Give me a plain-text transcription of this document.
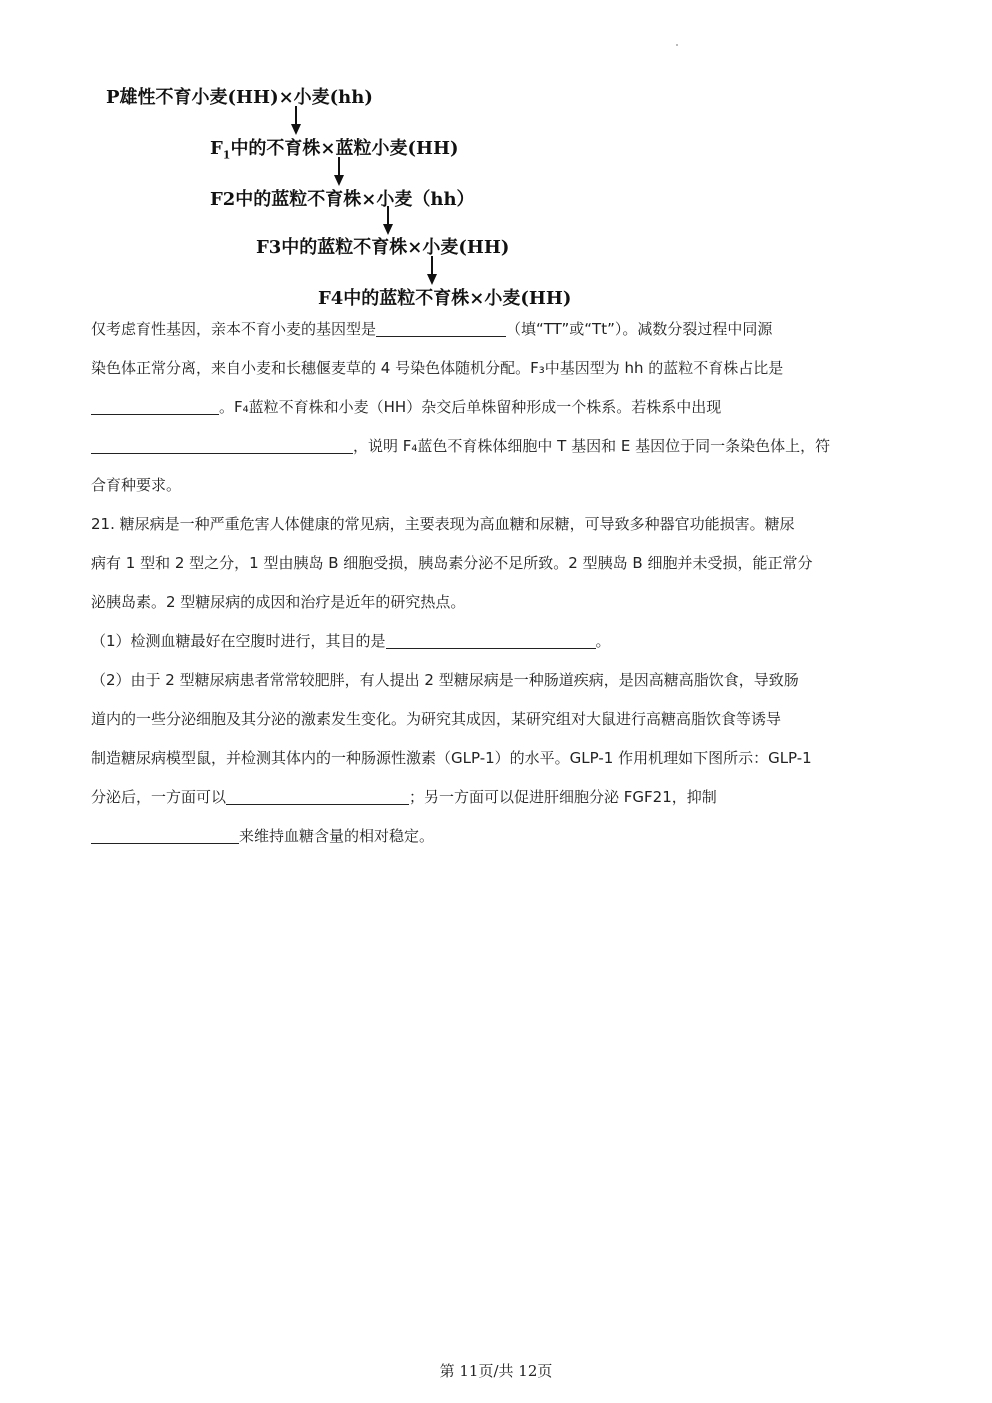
P雄性不育小麦(HH)×小麦(hh)
$F_1$中的不育株×蓝粒小麦(HH)
F2中的蓝粒不育株×小麦（hh）
F3中的蓝粒不育株×小麦(HH)
F4中的蓝粒不育株×小麦(HH)
仅考虑育性基因，亲本不育小麦的基因型是	（填“TT”或“Tt”）。减数分裂过程中同源
染色体正常分离，来自小麦和长穗偃麦草的 4 号染色体随机分配。F₃中基因型为 hh 的蓝粒不育株占比是
。F₄蓝粒不育株和小麦（HH）杂交后单株留种形成一个株系。若株系中出现
，说明 F₄蓝色不育株体细胞中 T 基因和 E 基因位于同一条染色体上，符
合育种要求。
21. 糖尿病是一种严重危害人体健康的常见病，主要表现为高血糖和尿糖，可导致多种器官功能损害。糖尿
病有 1 型和 2 型之分，1 型由胰岛 B 细胞受损，胰岛素分泌不足所致。2 型胰岛 B 细胞并未受损，能正常分
泌胰岛素。2 型糖尿病的成因和治疗是近年的研究热点。
（1）检测血糖最好在空腹时进行，其目的是	。
（2）由于 2 型糖尿病患者常常较肥胖，有人提出 2 型糖尿病是一种肠道疾病，是因高糖高脂饮食，导致肠
道内的一些分泌细胞及其分泌的激素发生变化。为研究其成因，某研究组对大鼠进行高糖高脂饮食等诱导
制造糖尿病模型鼠，并检测其体内的一种肠源性激素（GLP-1）的水平。GLP-1 作用机理如下图所示：GLP-1
分泌后，一方面可以	；另一方面可以促进肝细胞分泌 FGF21，抑制
来维持血糖含量的相对稳定。
第 11页/共 12页
